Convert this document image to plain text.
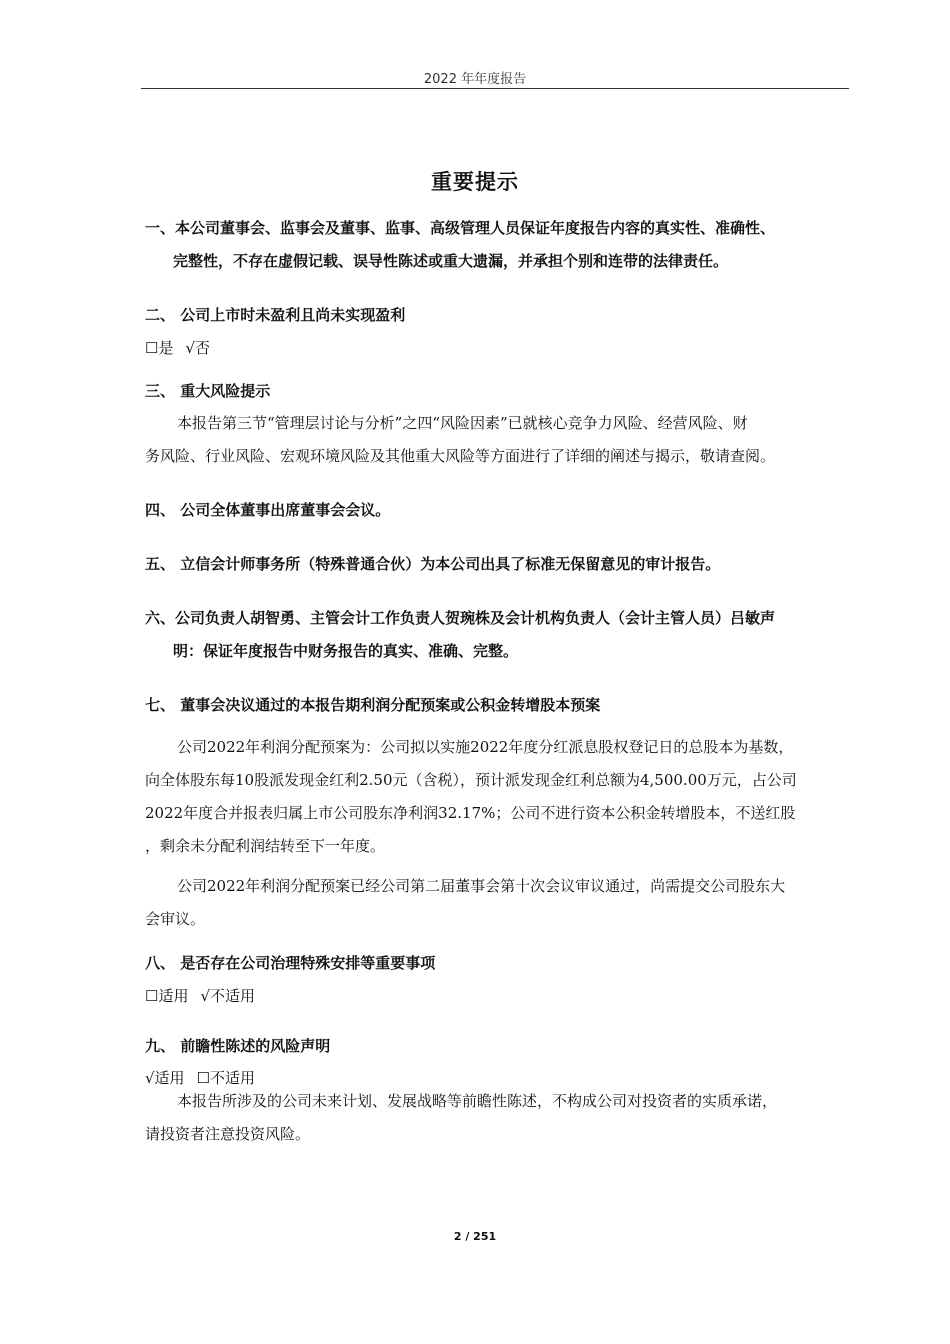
2022 年年度报告
重要提示
一、本公司董事会、监事会及董事、监事、高级管理人员保证年度报告内容的真实性、准确性、
完整性，不存在虚假记载、误导性陈述或重大遗漏，并承担个别和连带的法律责任。
二、 公司上市时未盈利且尚未实现盈利
☐是 √否
三、 重大风险提示
本报告第三节“管理层讨论与分析”之四“风险因素”已就核心竞争力风险、经营风险、财
务风险、行业风险、宏观环境风险及其他重大风险等方面进行了详细的阐述与揭示，敬请查阅。
四、 公司全体董事出席董事会会议。
五、 立信会计师事务所（特殊普通合伙）为本公司出具了标准无保留意见的审计报告。
六、公司负责人胡智勇、主管会计工作负责人贺琬株及会计机构负责人（会计主管人员）吕敏声
明：保证年度报告中财务报告的真实、准确、完整。
七、 董事会决议通过的本报告期利润分配预案或公积金转增股本预案
公司2022年利润分配预案为：公司拟以实施2022年度分红派息股权登记日的总股本为基数，
向全体股东每10股派发现金红利2.50元（含税），预计派发现金红利总额为4,500.00万元，占公司
2022年度合并报表归属上市公司股东净利润32.17%；公司不进行资本公积金转增股本，不送红股
，剩余未分配利润结转至下一年度。
公司2022年利润分配预案已经公司第二届董事会第十次会议审议通过，尚需提交公司股东大
会审议。
八、 是否存在公司治理特殊安排等重要事项
☐适用 √不适用
九、 前瞻性陈述的风险声明
√适用 ☐不适用
本报告所涉及的公司未来计划、发展战略等前瞻性陈述，不构成公司对投资者的实质承诺，
请投资者注意投资风险。
2 / 251
